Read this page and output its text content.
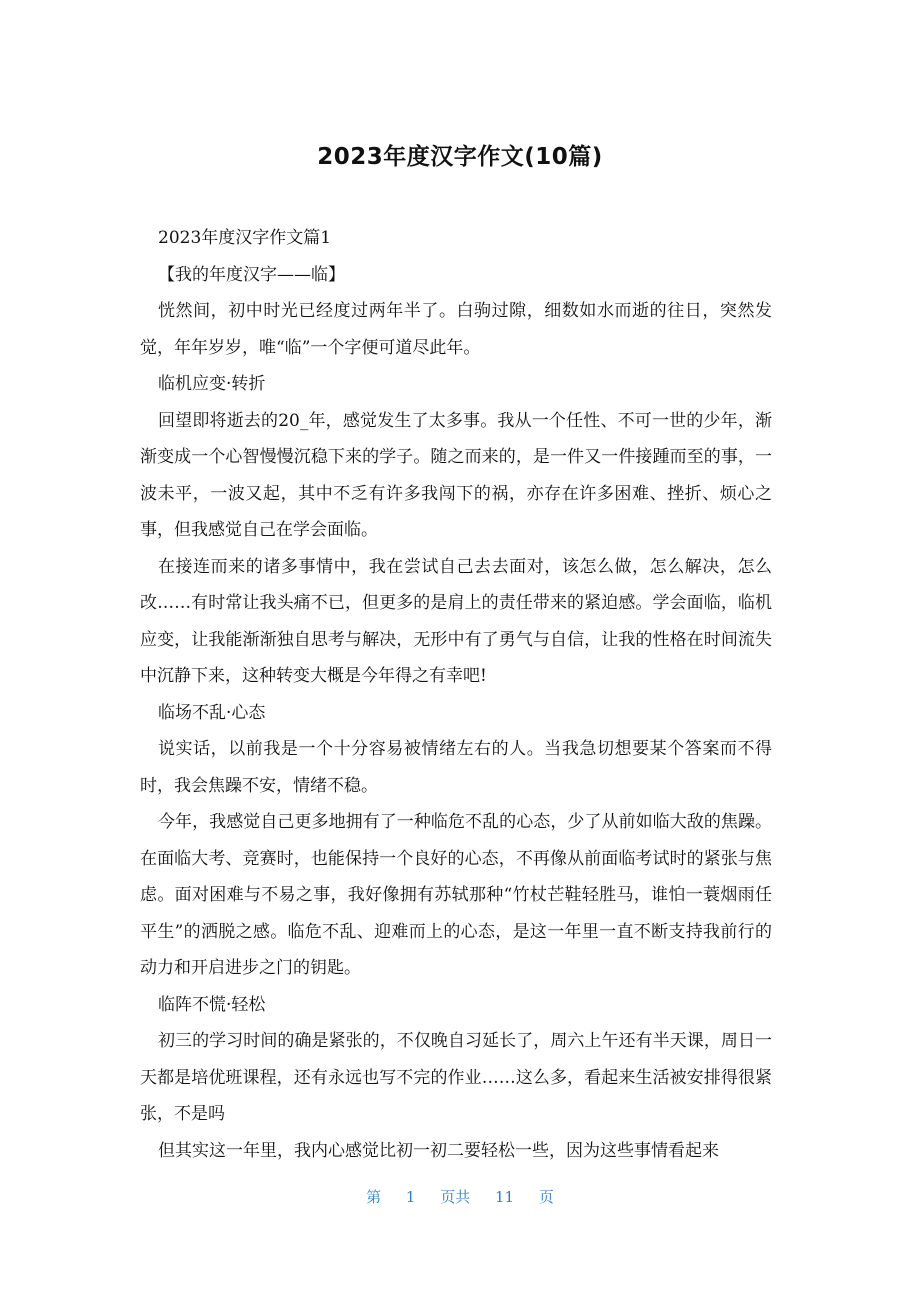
2023年度汉字作文(10篇)

2023年度汉字作文篇1

【我的年度汉字——临】

恍然间，初中时光已经度过两年半了。白驹过隙，细数如水而逝的往日，突然发觉，年年岁岁，唯“临”一个字便可道尽此年。

临机应变·转折

回望即将逝去的20_年，感觉发生了太多事。我从一个任性、不可一世的少年，渐渐变成一个心智慢慢沉稳下来的学子。随之而来的，是一件又一件接踵而至的事，一波未平，一波又起，其中不乏有许多我闯下的祸，亦存在许多困难、挫折、烦心之事，但我感觉自己在学会面临。

在接连而来的诸多事情中，我在尝试自己去去面对，该怎么做，怎么解决，怎么改……有时常让我头痛不已，但更多的是肩上的责任带来的紧迫感。学会面临，临机应变，让我能渐渐独自思考与解决，无形中有了勇气与自信，让我的性格在时间流失中沉静下来，这种转变大概是今年得之有幸吧!

临场不乱·心态

说实话，以前我是一个十分容易被情绪左右的人。当我急切想要某个答案而不得时，我会焦躁不安，情绪不稳。

今年，我感觉自己更多地拥有了一种临危不乱的心态，少了从前如临大敌的焦躁。在面临大考、竞赛时，也能保持一个良好的心态，不再像从前面临考试时的紧张与焦虑。面对困难与不易之事，我好像拥有苏轼那种“竹杖芒鞋轻胜马，谁怕一蓑烟雨任平生”的洒脱之感。临危不乱、迎难而上的心态，是这一年里一直不断支持我前行的动力和开启进步之门的钥匙。

临阵不慌·轻松

初三的学习时间的确是紧张的，不仅晚自习延长了，周六上午还有半天课，周日一天都是培优班课程，还有永远也写不完的作业……这么多，看起来生活被安排得很紧张，不是吗

但其实这一年里，我内心感觉比初一初二要轻松一些，因为这些事情看起来

第 1 页共 11 页
